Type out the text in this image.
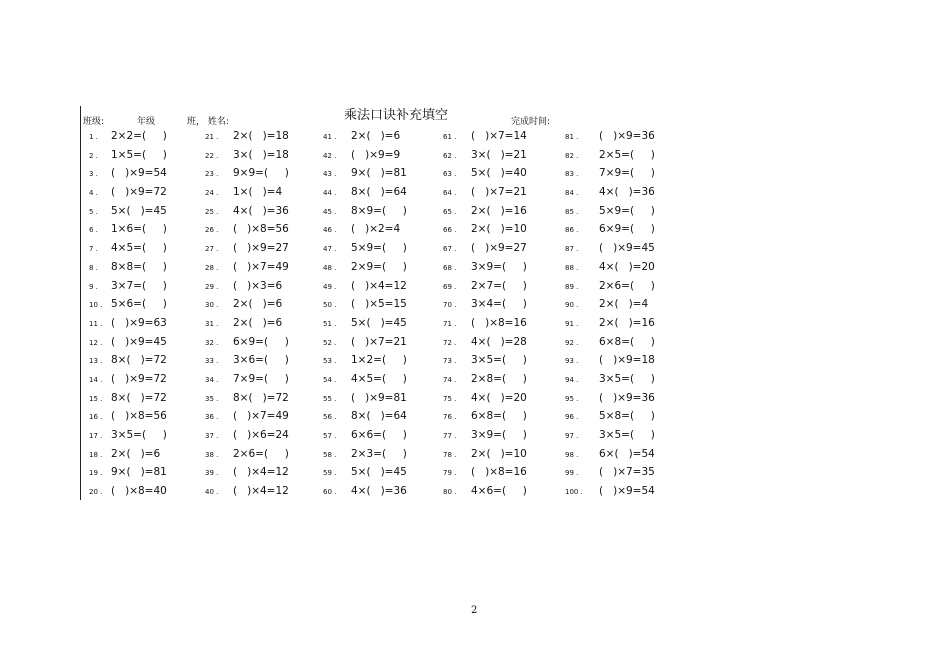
班级:	年级	班， 姓名:	乘法口诀补充填空	完成时间:
1 . 2×2=(     )
2 . 1×5=(     )
3 . (   )×9=54
4 . (   )×9=72
5 . 5×(   )=45
6 . 1×6=(     )
7 . 4×5=(     )
8 . 8×8=(     )
9 . 3×7=(     )
10 . 5×6=(     )
11 . (   )×9=63
12 . (   )×9=45
13 . 8×(   )=72
14 . (   )×9=72
15 . 8×(   )=72
16 . (   )×8=56
17 . 3×5=(     )
18 . 2×(   )=6
19 . 9×(   )=81
20 . (   )×8=40
21 . 2×(   )=18
22 . 3×(   )=18
23 . 9×9=(     )
24 . 1×(   )=4
25 . 4×(   )=36
26 . (   )×8=56
27 . (   )×9=27
28 . (   )×7=49
29 . (   )×3=6
30 . 2×(   )=6
31 . 2×(   )=6
32 . 6×9=(     )
33 . 3×6=(     )
34 . 7×9=(     )
35 . 8×(   )=72
36 . (   )×7=49
37 . (   )×6=24
38 . 2×6=(     )
39 . (   )×4=12
40 . (   )×4=12
41 . 2×(   )=6
42 . (   )×9=9
43 . 9×(   )=81
44 . 8×(   )=64
45 . 8×9=(     )
46 . (   )×2=4
47 . 5×9=(     )
48 . 2×9=(     )
49 . (   )×4=12
50 . (   )×5=15
51 . 5×(   )=45
52 . (   )×7=21
53 . 1×2=(     )
54 . 4×5=(     )
55 . (   )×9=81
56 . 8×(   )=64
57 . 6×6=(     )
58 . 2×3=(     )
59 . 5×(   )=45
60 . 4×(   )=36
61 . (   )×7=14
62 . 3×(   )=21
63 . 5×(   )=40
64 . (   )×7=21
65 . 2×(   )=16
66 . 2×(   )=10
67 . (   )×9=27
68 . 3×9=(     )
69 . 2×7=(     )
70 . 3×4=(     )
71 . (   )×8=16
72 . 4×(   )=28
73 . 3×5=(     )
74 . 2×8=(     )
75 . 4×(   )=20
76 . 6×8=(     )
77 . 3×9=(     )
78 . 2×(   )=10
79 . (   )×8=16
80 . 4×6=(     )
81 . (   )×9=36
82 . 2×5=(     )
83 . 7×9=(     )
84 . 4×(   )=36
85 . 5×9=(     )
86 . 6×9=(     )
87 . (   )×9=45
88 . 4×(   )=20
89 . 2×6=(     )
90 . 2×(   )=4
91 . 2×(   )=16
92 . 6×8=(     )
93 . (   )×9=18
94 . 3×5=(     )
95 . (   )×9=36
96 . 5×8=(     )
97 . 3×5=(     )
98 . 6×(   )=54
99 . (   )×7=35
100 . (   )×9=54
2
